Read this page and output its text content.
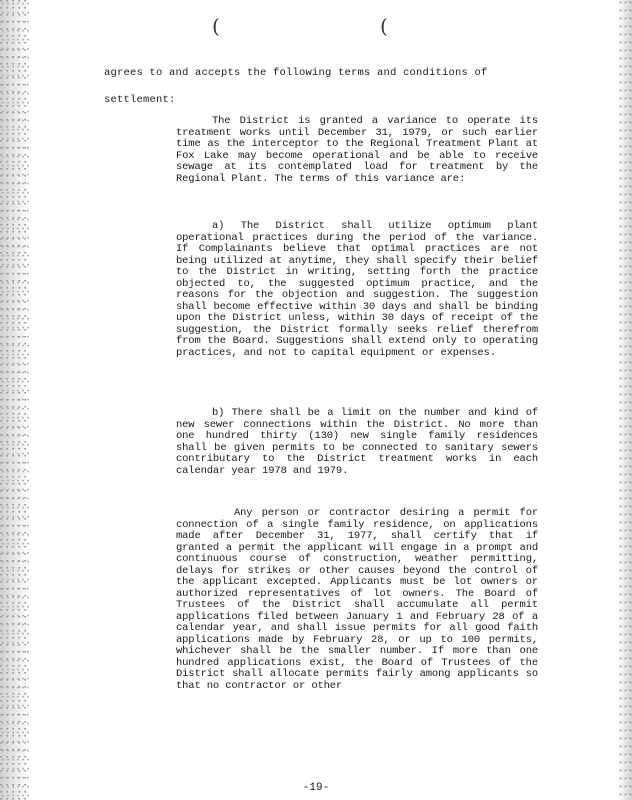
(	(
agrees to and accepts the following terms and conditions of
settlement:

The District is granted a variance to operate its treatment works until December 31, 1979, or such earlier time as the interceptor to the Regional Treatment Plant at Fox Lake may become operational and be able to receive sewage at its contemplated load for treatment by the Regional Plant. The terms of this variance are:

a) The District shall utilize optimum plant operational practices during the period of the variance. If Complainants believe that optimal practices are not being utilized at anytime, they shall specify their belief to the District in writing, setting forth the practice objected to, the suggested optimum practice, and the reasons for the objection and suggestion. The suggestion shall become effective within 30 days and shall be binding upon the District unless, within 30 days of receipt of the suggestion, the District formally seeks relief therefrom from the Board. Suggestions shall extend only to operating practices, and not to capital equipment or expenses.

b) There shall be a limit on the number and kind of new sewer connections within the District. No more than one hundred thirty (130) new single family residences shall be given permits to be connected to sanitary sewers contributary to the District treatment works in each calendar year 1978 and 1979.

Any person or contractor desiring a permit for connection of a single family residence, on applications made after December 31, 1977, shall certify that if granted a permit the applicant will engage in a prompt and continuous course of construction, weather permitting, delays for strikes or other causes beyond the control of the applicant excepted. Applicants must be lot owners or authorized representatives of lot owners. The Board of Trustees of the District shall accumulate all permit applications filed between January 1 and February 28 of a calendar year, and shall issue permits for all good faith applications made by February 28, or up to 100 permits, whichever shall be the smaller number. If more than one hundred applications exist, the Board of Trustees of the District shall allocate permits fairly among applicants so that no contractor or other

-19-
